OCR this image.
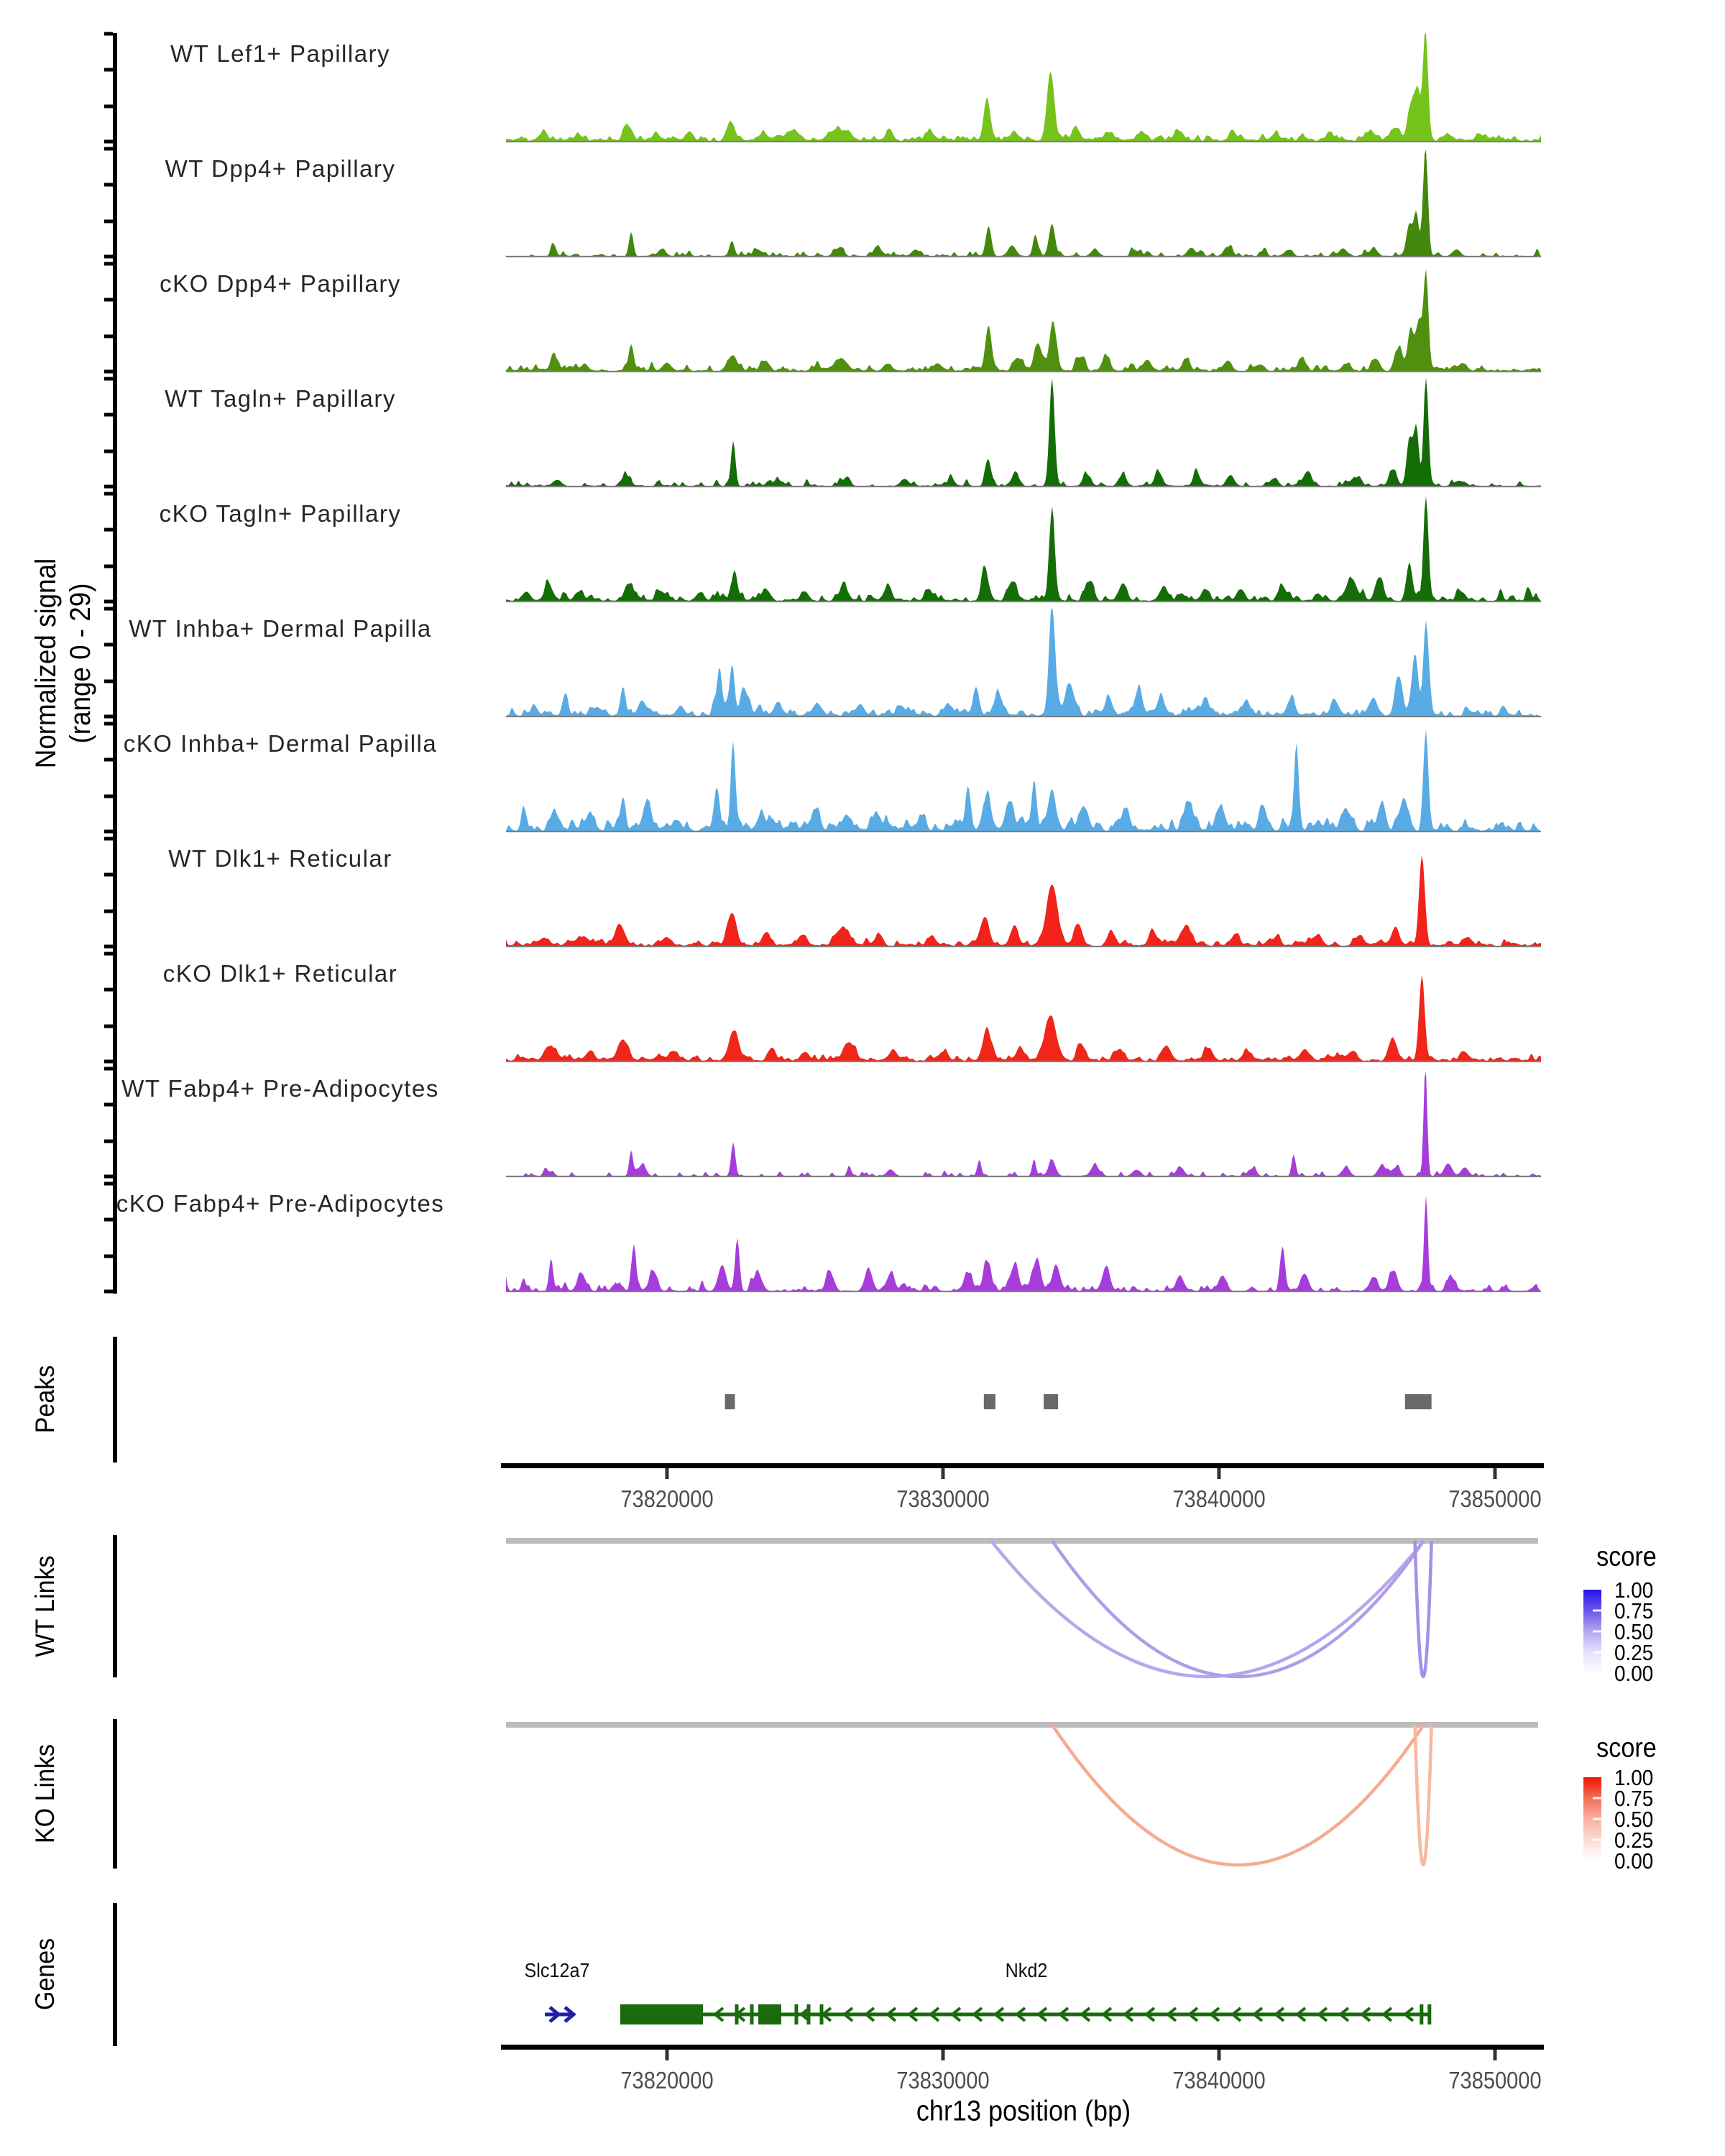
Normalized signal (range 0 - 29)
Peaks
WT Links
KO Links
Genes
score
score
chr13 position (bp)
WT Lef1+ Papillary
WT Dpp4+ Papillary
cKO Dpp4+ Papillary
WT Tagln+ Papillary
cKO Tagln+ Papillary
WT Inhba+ Dermal Papilla
cKO Inhba+ Dermal Papilla
WT Dlk1+ Reticular
cKO Dlk1+ Reticular
WT Fabp4+ Pre-Adipocytes
cKO Fabp4+ Pre-Adipocytes
73820000	73830000	73840000	73850000
73820000	73830000	73840000	73850000
1.00
0.75
0.50
0.25
0.00
1.00
0.75
0.50
0.25
0.00
Slc12a7	Nkd2
